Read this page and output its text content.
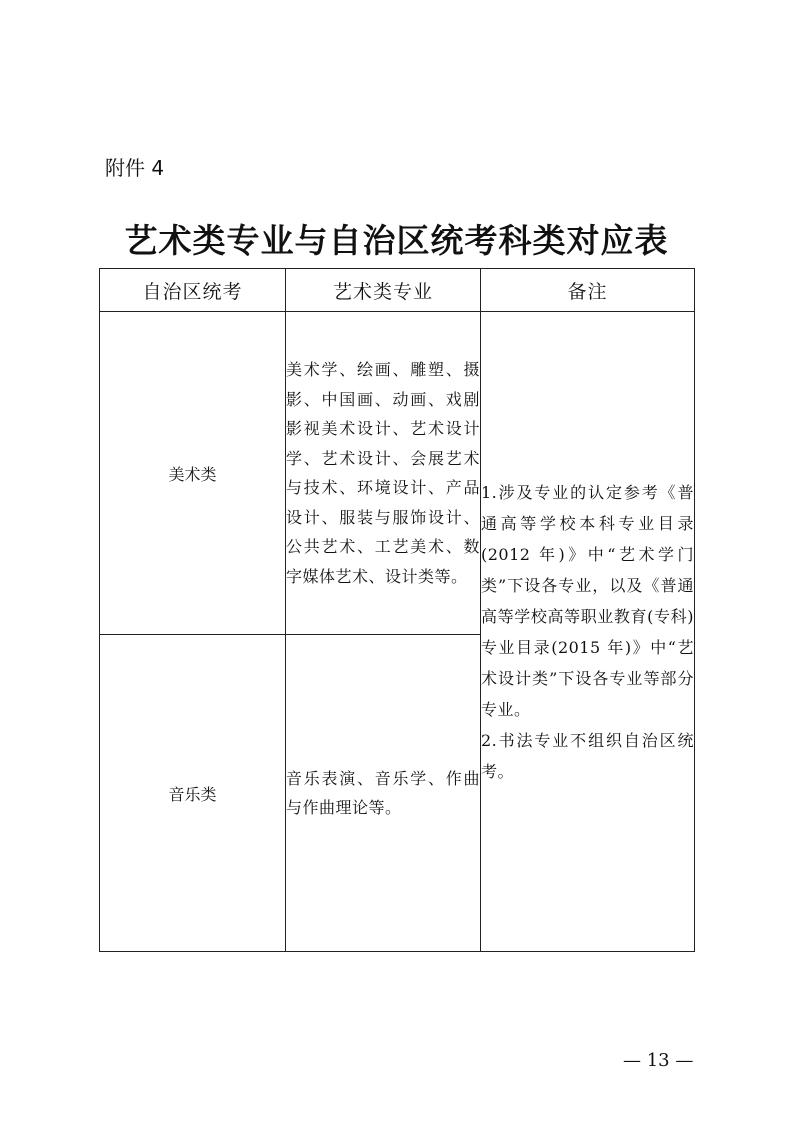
附件 4
艺术类专业与自治区统考科类对应表
自治区统考	艺术类专业	备注
美术类	美术学、绘画、雕塑、摄影、中国画、动画、戏剧影视美术设计、艺术设计学、艺术设计、会展艺术与技术、环境设计、产品设计、服装与服饰设计、公共艺术、工艺美术、数字媒体艺术、设计类等。	1.涉及专业的认定参考《普通高等学校本科专业目录(2012 年)》中“艺术学门类”下设各专业，以及《普通高等学校高等职业教育(专科)专业目录(2015 年)》中“艺术设计类”下设各专业等部分专业。
2.书法专业不组织自治区统考。

音乐类	音乐表演、音乐学、作曲与作曲理论等。	
— 13 —
